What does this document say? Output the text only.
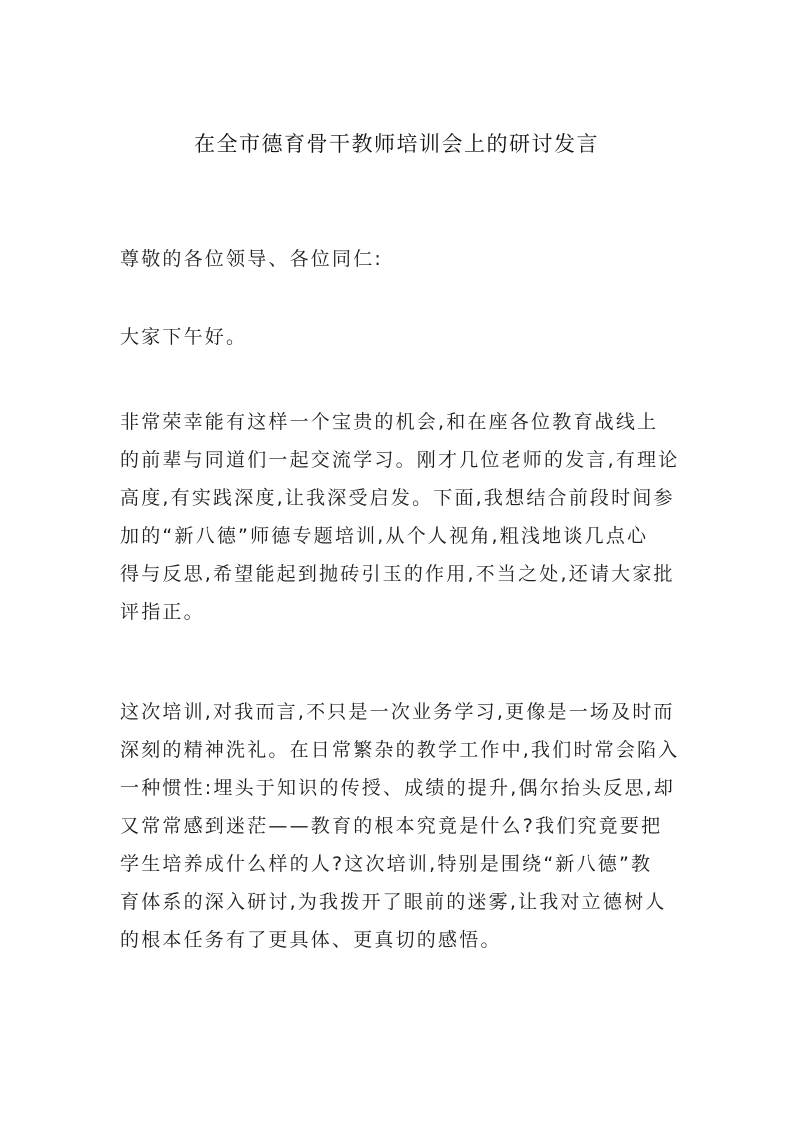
在全市德育骨干教师培训会上的研讨发言
尊敬的各位领导、各位同仁:
大家下午好。
非常荣幸能有这样一个宝贵的机会,和在座各位教育战线上
的前辈与同道们一起交流学习。刚才几位老师的发言,有理论
高度,有实践深度,让我深受启发。下面,我想结合前段时间参
加的“新八德”师德专题培训,从个人视角,粗浅地谈几点心
得与反思,希望能起到抛砖引玉的作用,不当之处,还请大家批
评指正。
这次培训,对我而言,不只是一次业务学习,更像是一场及时而
深刻的精神洗礼。在日常繁杂的教学工作中,我们时常会陷入
一种惯性:埋头于知识的传授、成绩的提升,偶尔抬头反思,却
又常常感到迷茫——教育的根本究竟是什么?我们究竟要把
学生培养成什么样的人?这次培训,特别是围绕“新八德”教
育体系的深入研讨,为我拨开了眼前的迷雾,让我对立德树人
的根本任务有了更具体、更真切的感悟。
